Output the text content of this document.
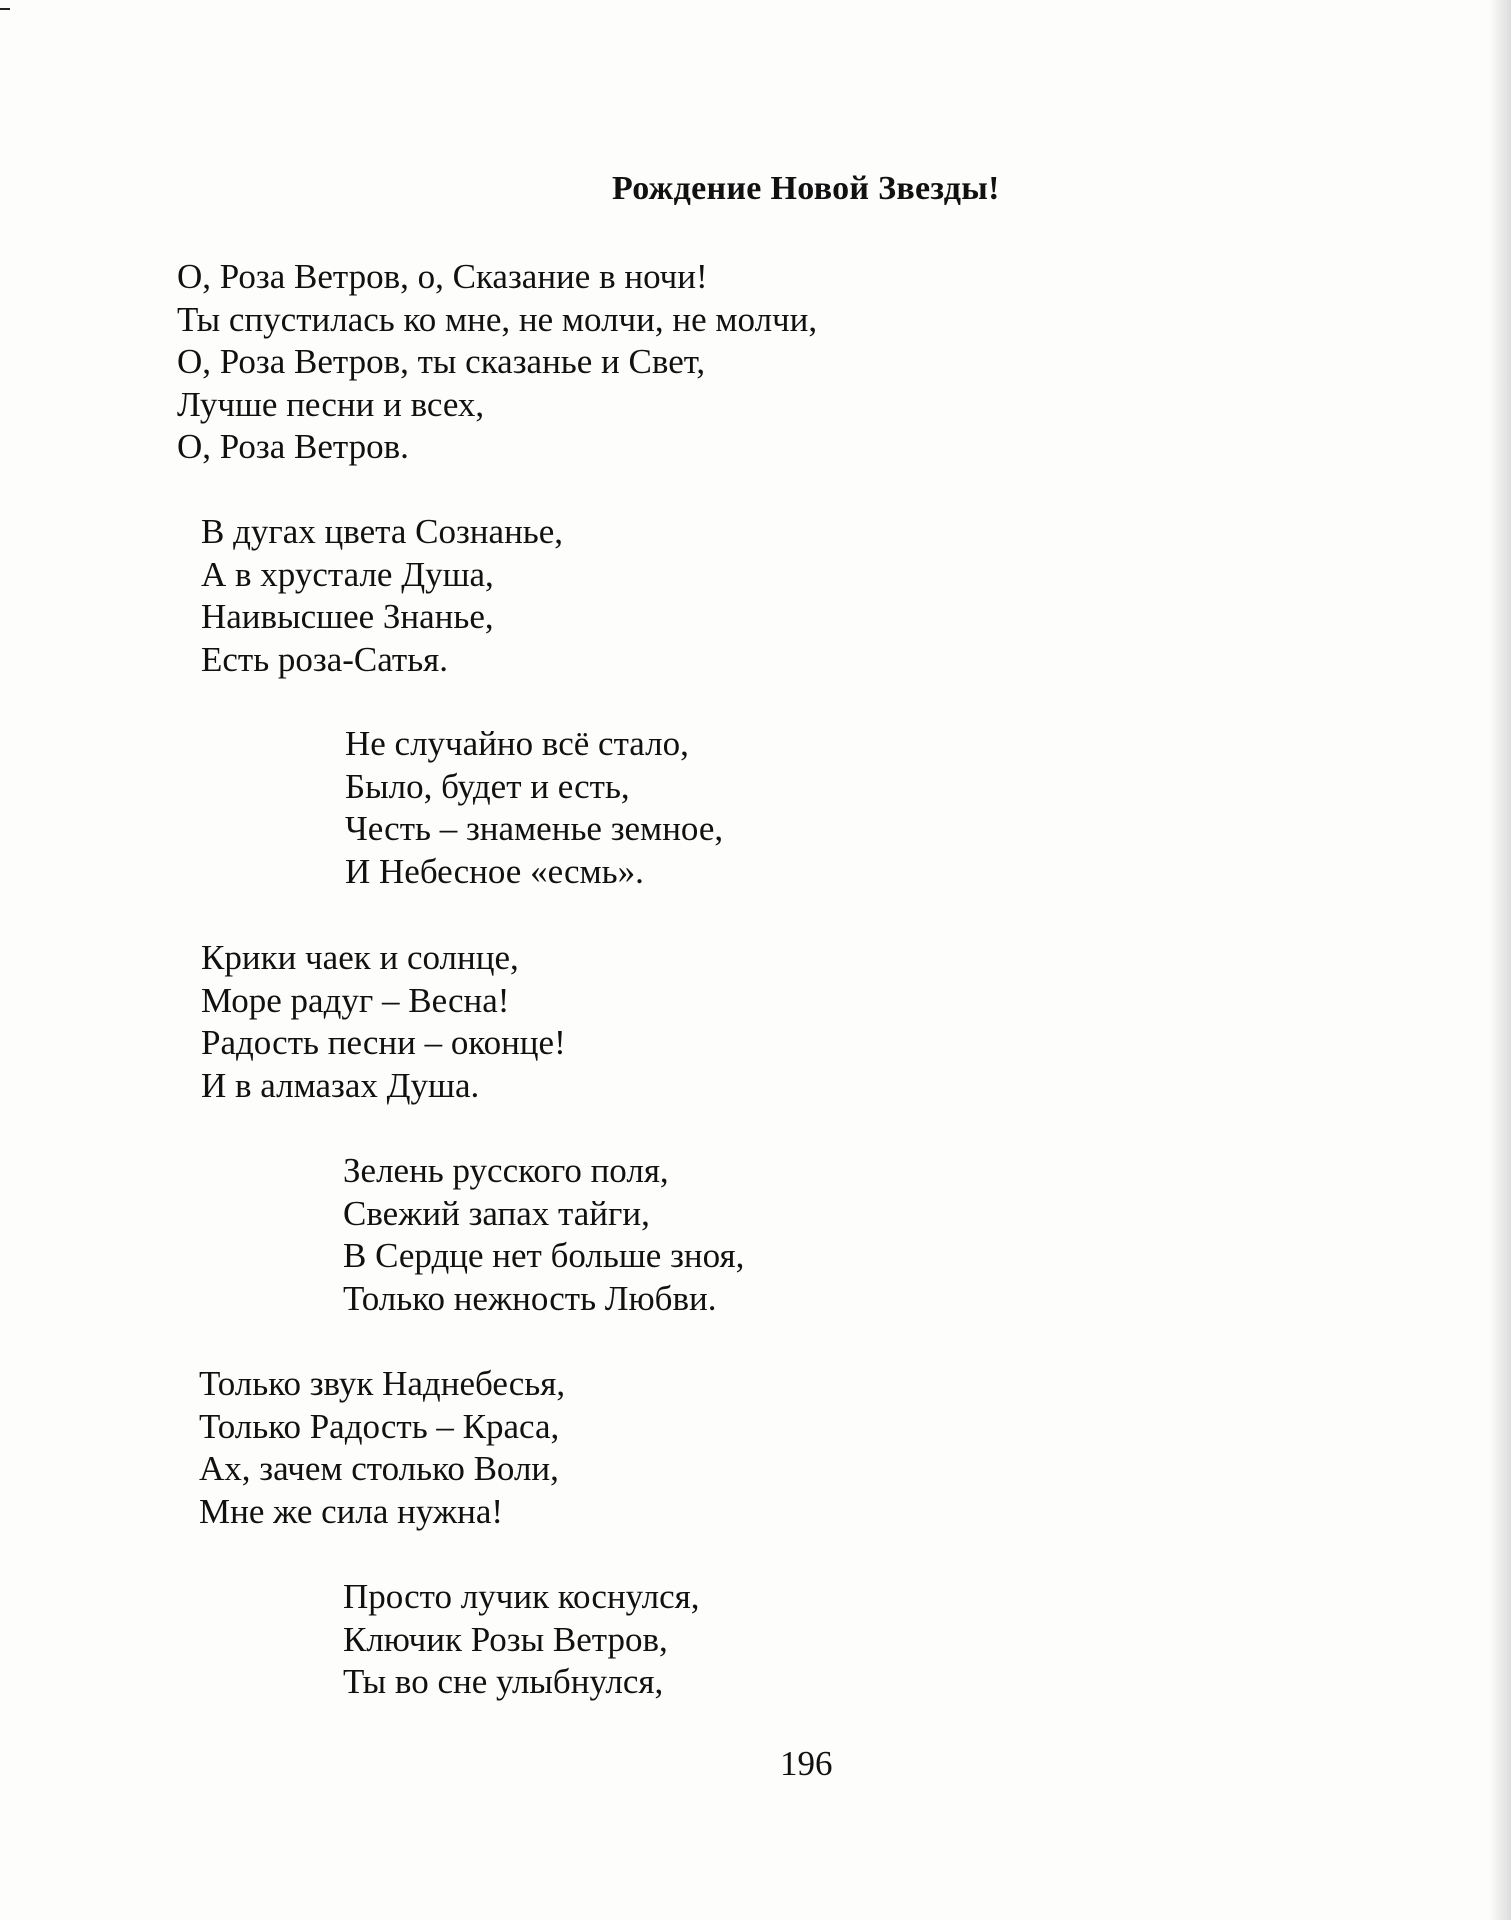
Рождение Новой Звезды!
О, Роза Ветров, о, Сказание в ночи!
Ты спустилась ко мне, не молчи, не молчи,
О, Роза Ветров, ты сказанье и Свет,
Лучше песни и всех,
О, Роза Ветров.
В дугах цвета Сознанье,
А в хрустале Душа,
Наивысшее Знанье,
Есть роза-Сатья.
Не случайно всё стало,
Было, будет и есть,
Честь – знаменье земное,
И Небесное «есмь».
Крики чаек и солнце,
Море радуг – Весна!
Радость песни – оконце!
И в алмазах Душа.
Зелень русского поля,
Свежий запах тайги,
В Сердце нет больше зноя,
Только нежность Любви.
Только звук Наднебесья,
Только Радость – Краса,
Ах, зачем столько Воли,
Мне же сила нужна!
Просто лучик коснулся,
Ключик Розы Ветров,
Ты во сне улыбнулся,
196
